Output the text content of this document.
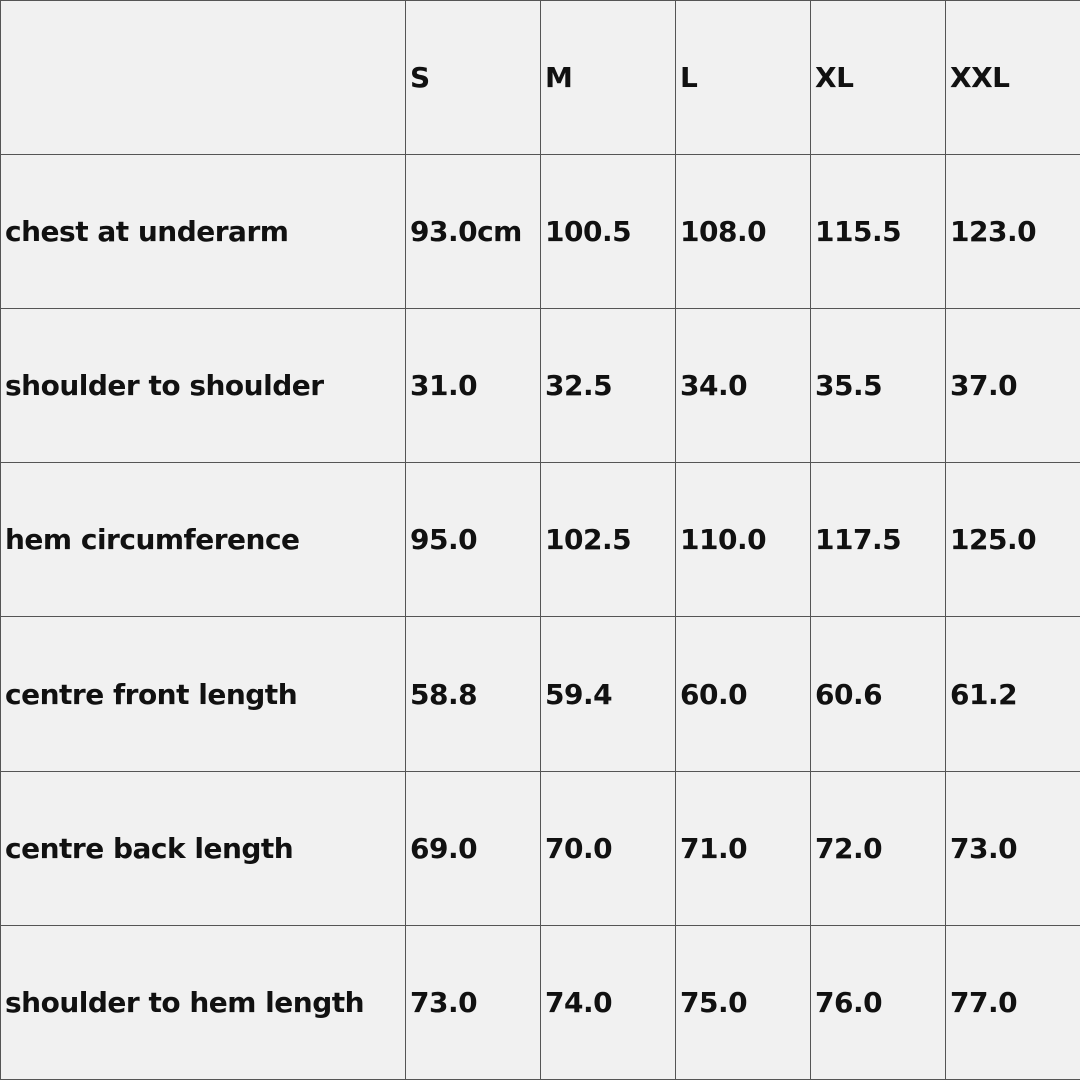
	S	M	L	XL	XXL
chest at underarm	93.0cm	100.5	108.0	115.5	123.0
shoulder to shoulder	31.0	32.5	34.0	35.5	37.0
hem circumference	95.0	102.5	110.0	117.5	125.0
centre front length	58.8	59.4	60.0	60.6	61.2
centre back length	69.0	70.0	71.0	72.0	73.0
shoulder to hem length	73.0	74.0	75.0	76.0	77.0
